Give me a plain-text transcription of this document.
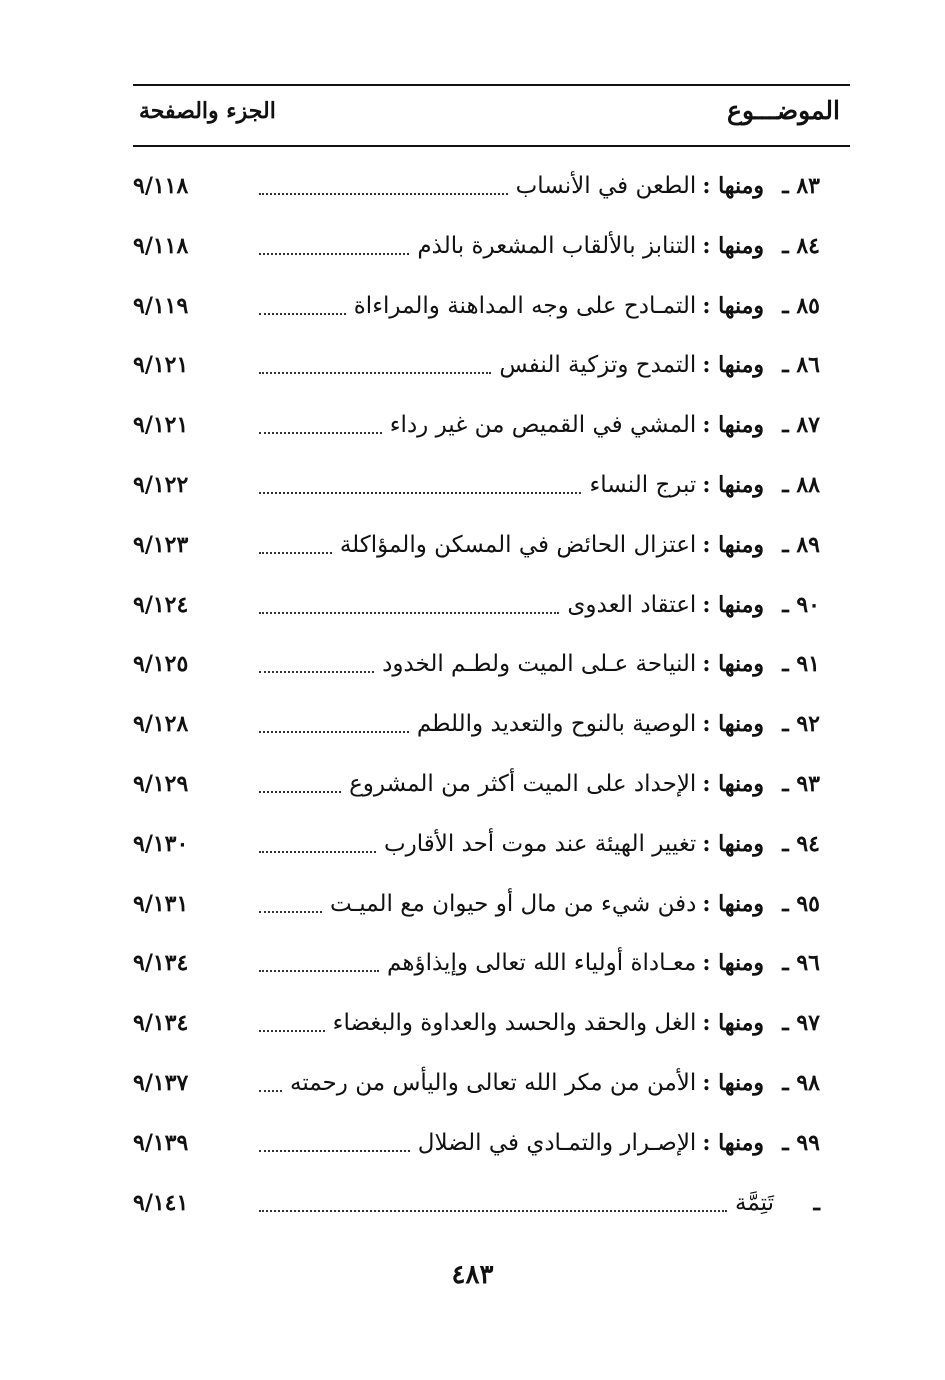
الموضـــوع
الجزء والصفحة
٨٣ ـ
ومنها :
الطعن في الأنساب
٩/١١٨
٨٤ ـ
ومنها :
التنابز بالألقاب المشعرة بالذم
٩/١١٨
٨٥ ـ
ومنها :
التمـادح على وجه المداهنة والمراءاة
٩/١١٩
٨٦ ـ
ومنها :
التمدح وتزكية النفس
٩/١٢١
٨٧ ـ
ومنها :
المشي في القميص من غير رداء
٩/١٢١
٨٨ ـ
ومنها :
تبرج النساء
٩/١٢٢
٨٩ ـ
ومنها :
اعتزال الحائض في المسكن والمؤاكلة
٩/١٢٣
٩٠ ـ
ومنها :
اعتقاد العدوى
٩/١٢٤
٩١ ـ
ومنها :
النياحة عـلى الميت ولطـم الخدود
٩/١٢٥
٩٢ ـ
ومنها :
الوصية بالنوح والتعديد واللطم
٩/١٢٨
٩٣ ـ
ومنها :
الإحداد على الميت أكثر من المشروع
٩/١٢٩
٩٤ ـ
ومنها :
تغيير الهيئة عند موت أحد الأقارب
٩/١٣٠
٩٥ ـ
ومنها :
دفن شيء من مال أو حيوان مع الميـت
٩/١٣١
٩٦ ـ
ومنها :
معـاداة أولياء الله تعالى وإيذاؤهم
٩/١٣٤
٩٧ ـ
ومنها :
الغل والحقد والحسد والعداوة والبغضاء
٩/١٣٤
٩٨ ـ
ومنها :
الأمن من مكر الله تعالى واليأس من رحمته
٩/١٣٧
٩٩ ـ
ومنها :
الإصـرار والتمـادي في الضلال
٩/١٣٩
ـ
تَتِمَّة
٩/١٤١
٤٨٣
